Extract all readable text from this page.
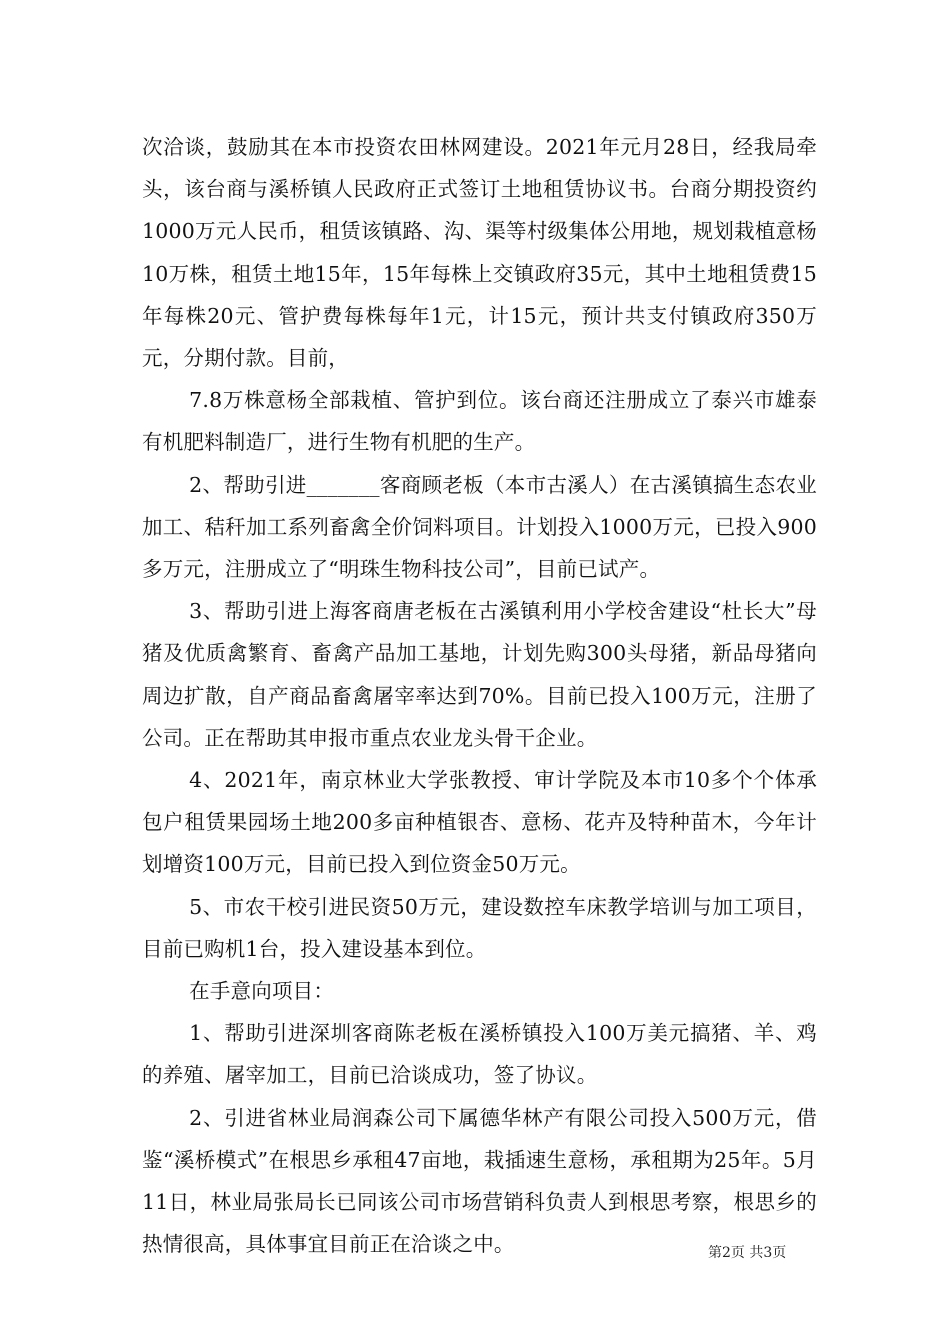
次洽谈，鼓励其在本市投资农田林网建设。2021年元月28日，经我局牵头，该台商与溪桥镇人民政府正式签订土地租赁协议书。台商分期投资约1000万元人民币，租赁该镇路、沟、渠等村级集体公用地，规划栽植意杨10万株，租赁土地15年，15年每株上交镇政府35元，其中土地租赁费15年每株20元、管护费每株每年1元，计15元，预计共支付镇政府350万元，分期付款。目前，

7.8万株意杨全部栽植、管护到位。该台商还注册成立了泰兴市雄泰有机肥料制造厂，进行生物有机肥的生产。

2、帮助引进_______客商顾老板（本市古溪人）在古溪镇搞生态农业加工、秸秆加工系列畜禽全价饲料项目。计划投入1000万元，已投入900多万元，注册成立了“明珠生物科技公司”，目前已试产。

3、帮助引进上海客商唐老板在古溪镇利用小学校舍建设“杜长大”母猪及优质禽繁育、畜禽产品加工基地，计划先购300头母猪，新品母猪向周边扩散，自产商品畜禽屠宰率达到70%。目前已投入100万元，注册了公司。正在帮助其申报市重点农业龙头骨干企业。

4、2021年，南京林业大学张教授、审计学院及本市10多个个体承包户租赁果园场土地200多亩种植银杏、意杨、花卉及特种苗木，今年计划增资100万元，目前已投入到位资金50万元。

5、市农干校引进民资50万元，建设数控车床教学培训与加工项目，目前已购机1台，投入建设基本到位。

在手意向项目：

1、帮助引进深圳客商陈老板在溪桥镇投入100万美元搞猪、羊、鸡的养殖、屠宰加工，目前已洽谈成功，签了协议。

2、引进省林业局润森公司下属德华林产有限公司投入500万元，借鉴“溪桥模式”在根思乡承租47亩地，栽插速生意杨，承租期为25年。5月11日，林业局张局长已同该公司市场营销科负责人到根思考察，根思乡的热情很高，具体事宜目前正在洽谈之中。	第2页 共3页
